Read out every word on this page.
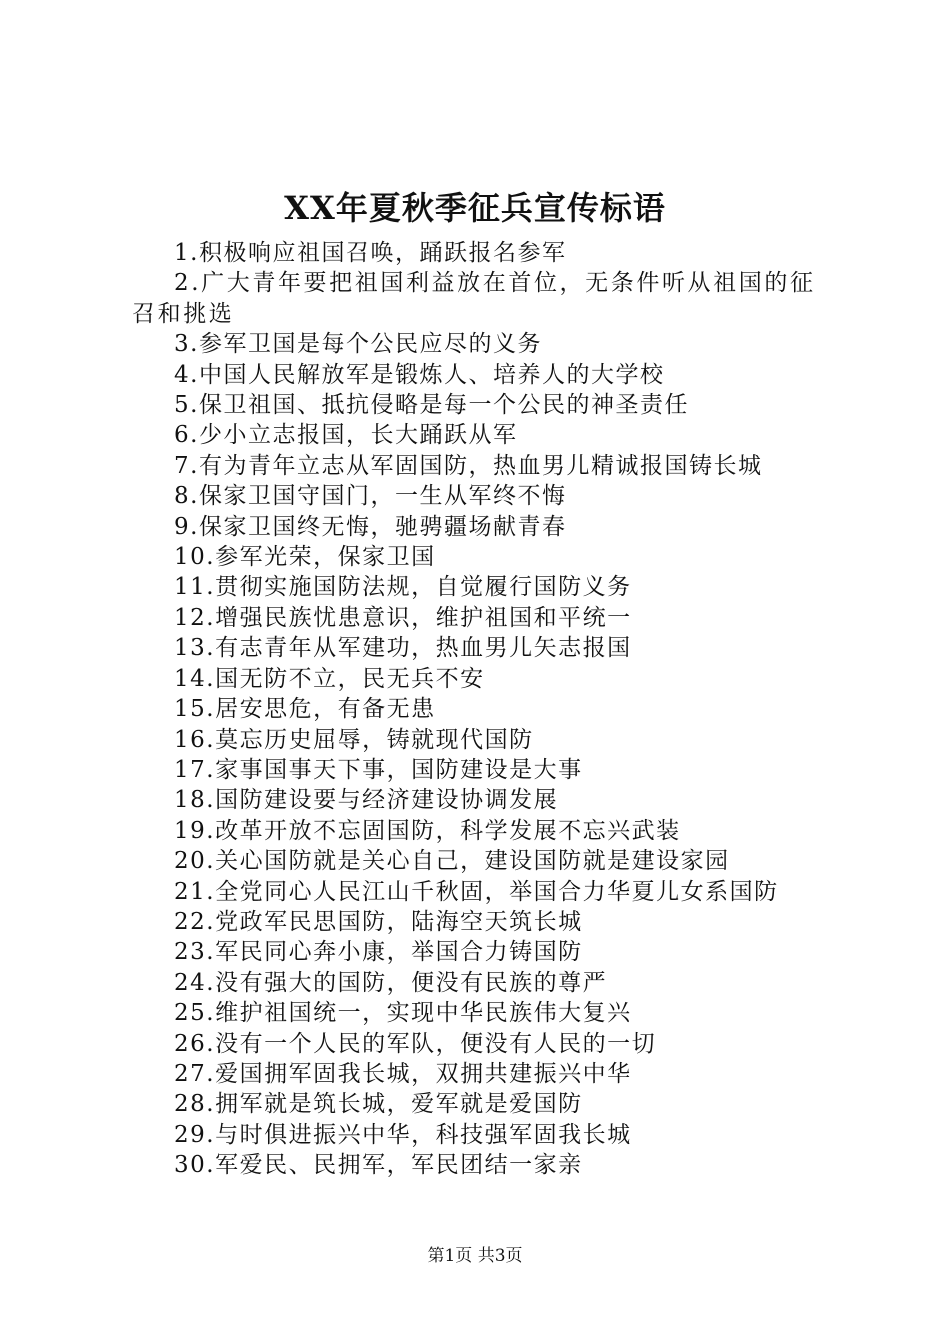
XX年夏秋季征兵宣传标语
1.积极响应祖国召唤，踊跃报名参军
2.广大青年要把祖国利益放在首位，无条件听从祖国的征召和挑选
3.参军卫国是每个公民应尽的义务
4.中国人民解放军是锻炼人、培养人的大学校
5.保卫祖国、抵抗侵略是每一个公民的神圣责任
6.少小立志报国，长大踊跃从军
7.有为青年立志从军固国防，热血男儿精诚报国铸长城
8.保家卫国守国门，一生从军终不悔
9.保家卫国终无悔，驰骋疆场献青春
10.参军光荣，保家卫国
11.贯彻实施国防法规，自觉履行国防义务
12.增强民族忧患意识，维护祖国和平统一
13.有志青年从军建功，热血男儿矢志报国
14.国无防不立，民无兵不安
15.居安思危，有备无患
16.莫忘历史屈辱，铸就现代国防
17.家事国事天下事，国防建设是大事
18.国防建设要与经济建设协调发展
19.改革开放不忘固国防，科学发展不忘兴武装
20.关心国防就是关心自己，建设国防就是建设家园
21.全党同心人民江山千秋固，举国合力华夏儿女系国防
22.党政军民思国防，陆海空天筑长城
23.军民同心奔小康，举国合力铸国防
24.没有强大的国防，便没有民族的尊严
25.维护祖国统一，实现中华民族伟大复兴
26.没有一个人民的军队，便没有人民的一切
27.爱国拥军固我长城，双拥共建振兴中华
28.拥军就是筑长城，爱军就是爱国防
29.与时俱进振兴中华，科技强军固我长城
30.军爱民、民拥军，军民团结一家亲
第1页 共3页
